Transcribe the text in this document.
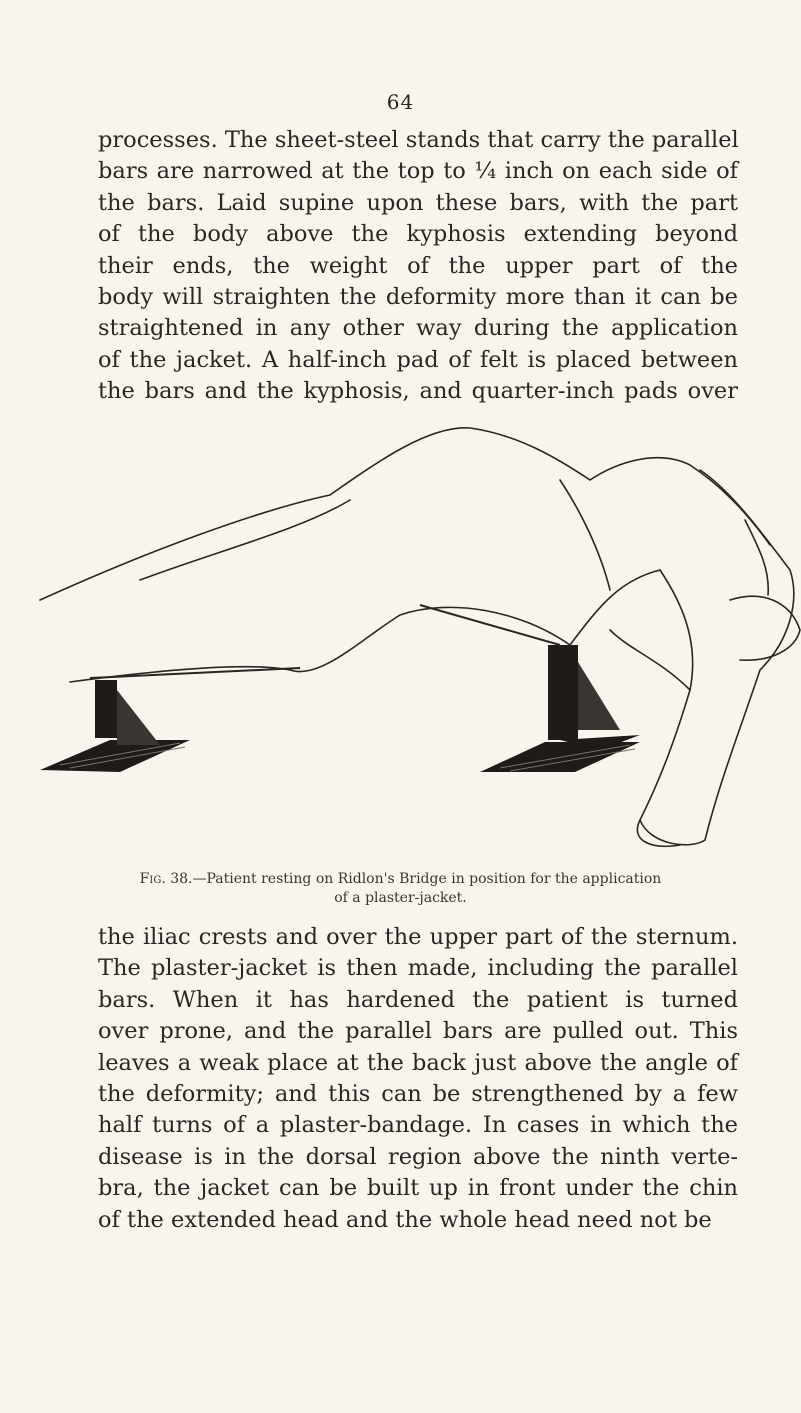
64

processes. The sheet-steel stands that carry the parallel
bars are narrowed at the top to ¼ inch on each side of
the bars. Laid supine upon these bars, with the part
of the body above the kyphosis extending beyond
their ends, the weight of the upper part of the
body will straighten the deformity more than it can be
straightened in any other way during the application
of the jacket. A half-inch pad of felt is placed between
the bars and the kyphosis, and quarter-inch pads over

Fig. 38.—Patient resting on Ridlon's Bridge in position for the application
of a plaster-jacket.

the iliac crests and over the upper part of the sternum.
The plaster-jacket is then made, including the parallel
bars. When it has hardened the patient is turned
over prone, and the parallel bars are pulled out. This
leaves a weak place at the back just above the angle of
the deformity; and this can be strengthened by a few
half turns of a plaster-bandage. In cases in which the
disease is in the dorsal region above the ninth verte-
bra, the jacket can be built up in front under the chin
of the extended head and the whole head need not be
